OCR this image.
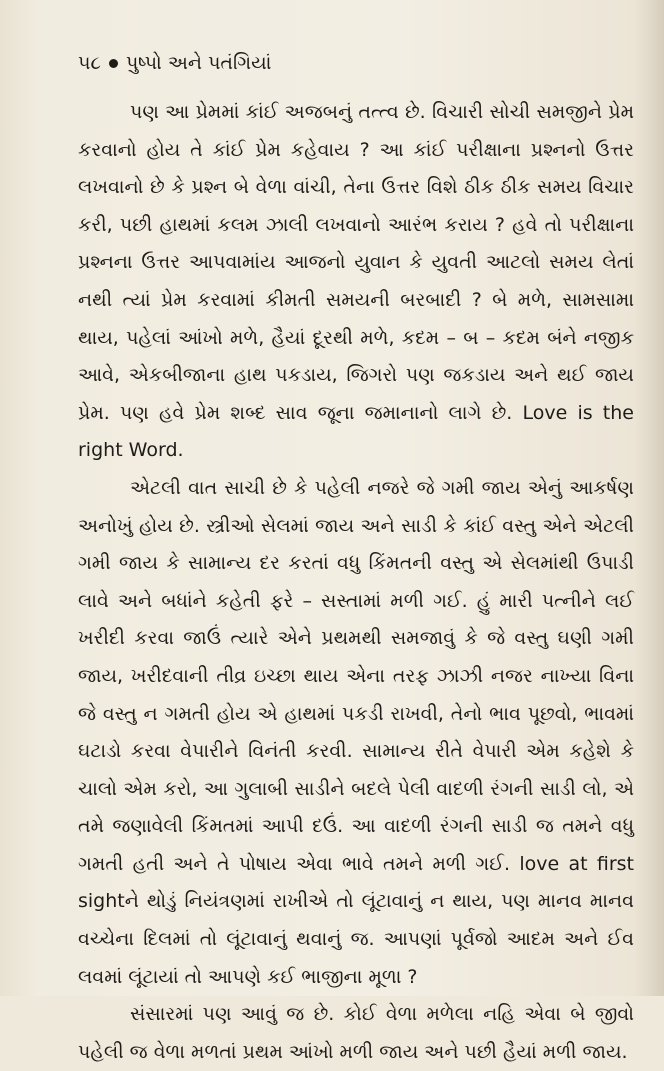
૫૮ પુષ્પો અને પતંગિયાં

પણ આ પ્રેમમાં કાંઈ અજબનું તત્ત્વ છે. વિચારી સોચી સમજીને પ્રેમ કરવાનો હોય તે કાંઈ પ્રેમ કહેવાય ? આ કાંઈ પરીક્ષાના પ્રશ્નનો ઉત્તર લખવાનો છે કે પ્રશ્ન બે વેળા વાંચી, તેના ઉત્તર વિશે ઠીક ઠીક સમય વિચાર કરી, પછી હાથમાં કલમ ઝાલી લખવાનો આરંભ કરાય ? હવે તો પરીક્ષાના પ્રશ્નના ઉત્તર આપવામાંય આજનો યુવાન કે યુવતી આટલો સમય લેતાં નથી ત્યાં પ્રેમ કરવામાં કીમતી સમયની બરબાદી ? બે મળે, સામસામા થાય, પહેલાં આંખો મળે, હૈયાં દૂરથી મળે, કદમ – બ – કદમ બંને નજીક આવે, એકબીજાના હાથ પકડાય, જિગરો પણ જકડાય અને થઈ જાય પ્રેમ. પણ હવે પ્રેમ શબ્દ સાવ જૂના જમાનાનો લાગે છે. Love is the right Word.

એટલી વાત સાચી છે કે પહેલી નજરે જે ગમી જાય એનું આકર્ષણ અનોખું હોય છે. સ્ત્રીઓ સેલમાં જાય અને સાડી કે કાંઈ વસ્તુ એને એટલી ગમી જાય કે સામાન્ય દર કરતાં વધુ કિંમતની વસ્તુ એ સેલમાંથી ઉપાડી લાવે અને બધાંને કહેતી ફરે – સસ્તામાં મળી ગઈ. હું મારી પત્નીને લઈ ખરીદી કરવા જાઉં ત્યારે એને પ્રથમથી સમજાવું કે જે વસ્તુ ઘણી ગમી જાય, ખરીદવાની તીવ્ર ઇચ્છા થાય એના તરફ ઝાઝી નજર નાખ્યા વિના જે વસ્તુ ન ગમતી હોય એ હાથમાં પકડી રાખવી, તેનો ભાવ પૂછવો, ભાવમાં ઘટાડો કરવા વેપારીને વિનંતી કરવી. સામાન્ય રીતે વેપારી એમ કહેશે કે ચાલો એમ કરો, આ ગુલાબી સાડીને બદલે પેલી વાદળી રંગની સાડી લો, એ તમે જણાવેલી કિંમતમાં આપી દઉં. આ વાદળી રંગની સાડી જ તમને વધુ ગમતી હતી અને તે પોષાય એવા ભાવે તમને મળી ગઈ. love at first sightને થોડું નિયંત્રણમાં રાખીએ તો લૂંટાવાનું ન થાય, પણ માનવ માનવ વચ્ચેના દિલમાં તો લૂંટાવાનું થવાનું જ. આપણાં પૂર્વજો આદમ અને ઈવ લવમાં લૂંટાયાં તો આપણે કઈ ભાજીના મૂળા ?

સંસારમાં પણ આવું જ છે. કોઈ વેળા મળેલા નહિ એવા બે જીવો પહેલી જ વેળા મળતાં પ્રથમ આંખો મળી જાય અને પછી હૈયાં મળી જાય.
